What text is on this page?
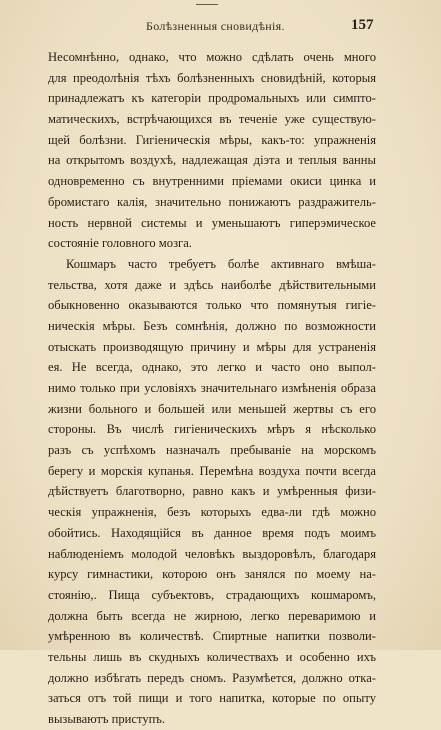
Болѣзненныя сновидѣнія.	157
Несомнѣнно, однако, что можно сдѣлать очень много
для преодолѣнія тѣхъ болѣзненныхъ сновидѣній, которыя
принадлежатъ къ категоріи продромальныхъ или симпто-
матическихъ, встрѣчающихся въ теченіе уже существую-
щей болѣзни. Гигіеническія мѣры, какъ-то: упражненія
на открытомъ воздухѣ, надлежащая діэта и теплыя ванны
одновременно съ внутренними пріемами окиси цинка и
бромистаго калія, значительно понижаютъ раздражитель-
ность нервной системы и уменьшаютъ гиперэмическое
состояніе головного мозга.
Кошмаръ часто требуетъ болѣе активнаго вмѣша-
тельства, хотя даже и здѣсь наиболѣе дѣйствительными
обыкновенно оказываются только что помянутыя гигіе-
ническія мѣры. Безъ сомнѣнія, должно по возможности
отыскать производящую причину и мѣры для устраненія
ея. Не всегда, однако, это легко и часто оно выпол-
нимо только при условіяхъ значительнаго измѣненія образа
жизни больного и большей или меньшей жертвы съ его
стороны. Въ числѣ гигіеническихъ мѣръ я нѣсколько
разъ съ успѣхомъ назначалъ пребываніе на морскомъ
берегу и морскія купанья. Перемѣна воздуха почти всегда
дѣйствуетъ благотворно, равно какъ и умѣренныя физи-
ческія упражненія, безъ которыхъ едва-ли гдѣ можно
обойтись. Находящійся въ данное время подъ моимъ
наблюденіемъ молодой человѣкъ выздоровѣлъ, благодаря
курсу гимнастики, которою онъ занялся по моему на-
стоянію,. Пища субъектовъ, страдающихъ кошмаромъ,
должна быть всегда не жирною, легко переваримою и
умѣренною въ количествѣ. Спиртные напитки позволи-
тельны лишь въ скудныхъ количествахъ и особенно ихъ
должно избѣгать передъ сномъ. Разумѣется, должно отка-
заться отъ той пищи и того напитка, которые по опыту
вызываютъ приступъ.
